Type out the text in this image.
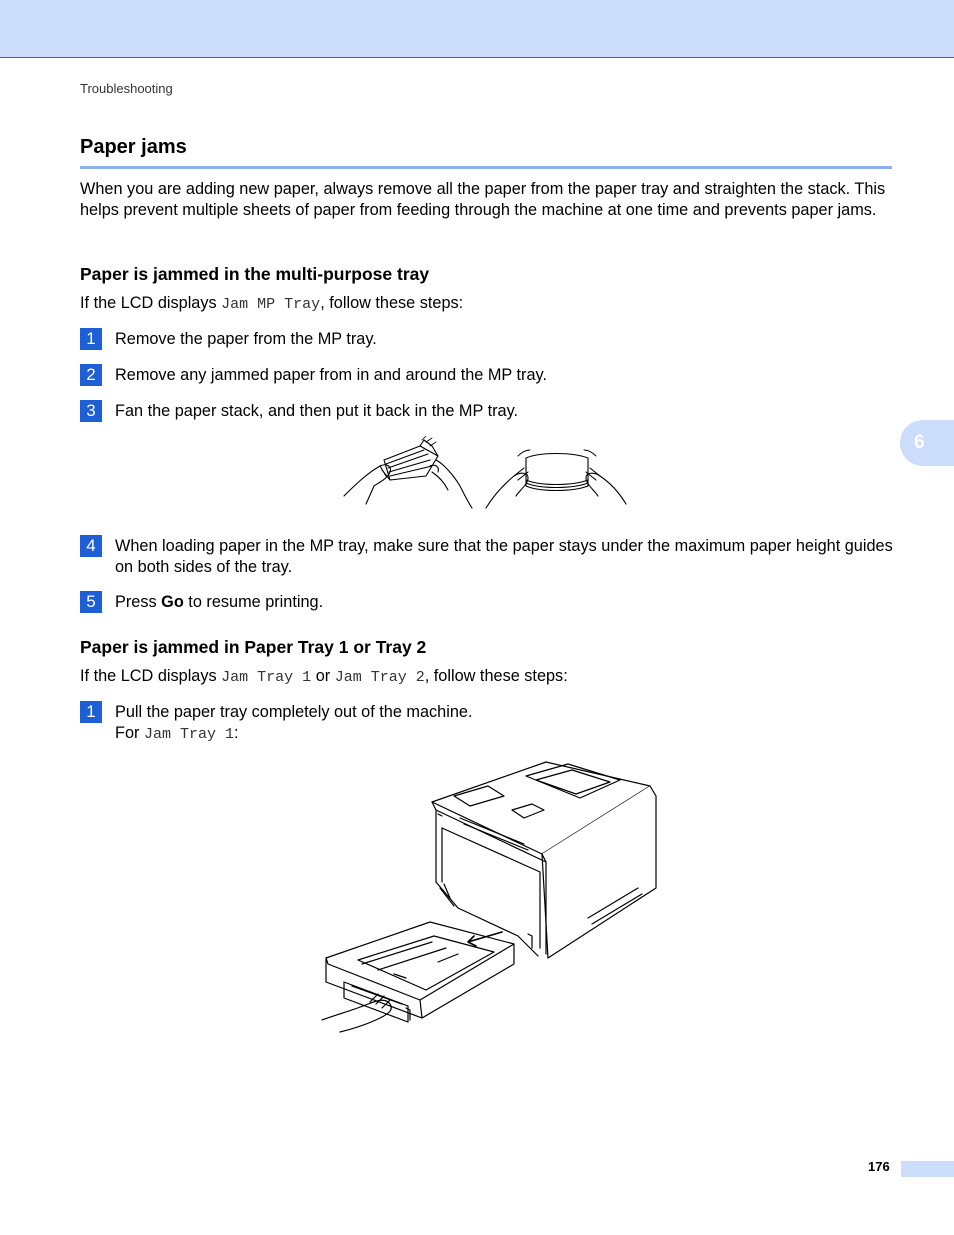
Troubleshooting
Paper jams
When you are adding new paper, always remove all the paper from the paper tray and straighten the stack. This helps prevent multiple sheets of paper from feeding through the machine at one time and prevents paper jams.
Paper is jammed in the multi-purpose tray
If the LCD displays Jam MP Tray, follow these steps:
1	Remove the paper from the MP tray.
2	Remove any jammed paper from in and around the MP tray.
3	Fan the paper stack, and then put it back in the MP tray.
4	When loading paper in the MP tray, make sure that the paper stays under the maximum paper height guides on both sides of the tray.
5	Press Go to resume printing.
Paper is jammed in Paper Tray 1 or Tray 2
If the LCD displays Jam Tray 1 or Jam Tray 2, follow these steps:
1	Pull the paper tray completely out of the machine.
For Jam Tray 1:
6
176
